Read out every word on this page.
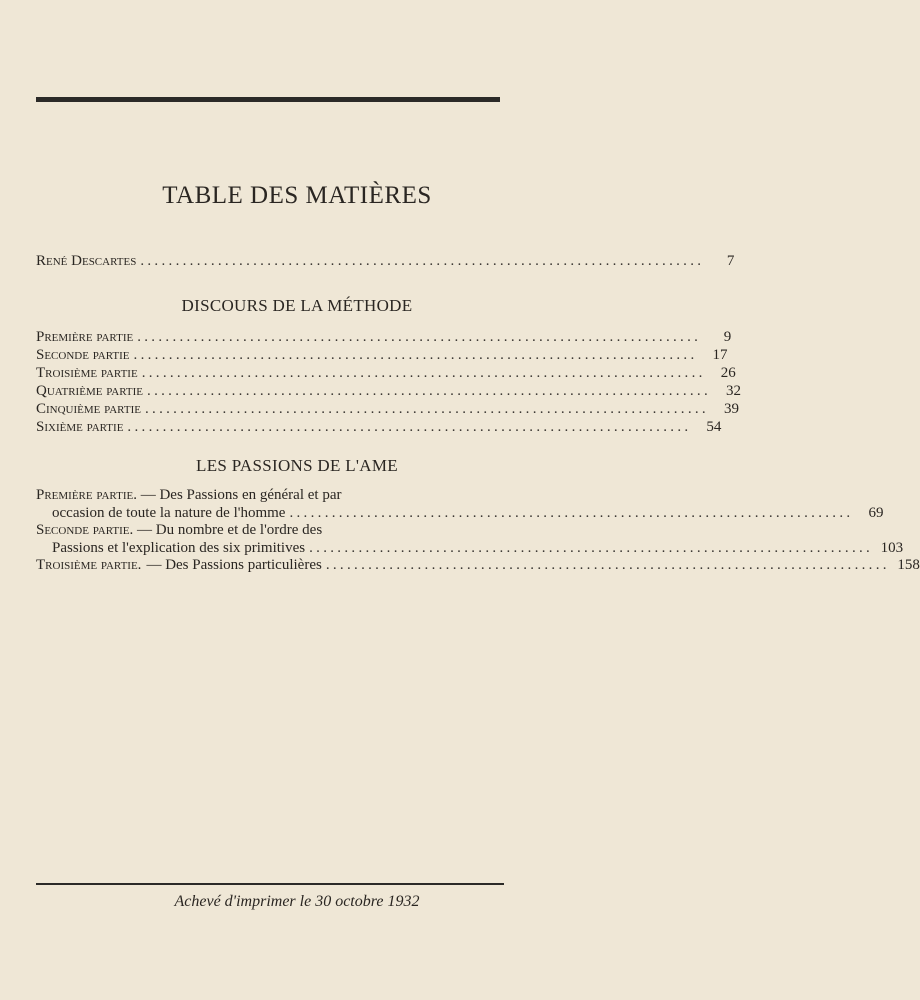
TABLE DES MATIÈRES
René Descartes ................................................................................	7
DISCOURS DE LA MÉTHODE
Première partie ................................................................................	9
Seconde partie ................................................................................	17
Troisième partie ................................................................................	26
Quatrième partie ................................................................................	32
Cinquième partie ................................................................................	39
Sixième partie ................................................................................	54
LES PASSIONS DE L'AME
Première partie. — Des Passions en général et par
occasion de toute la nature de l'homme ................................................................................	69
Seconde partie. — Du nombre et de l'ordre des
Passions et l'explication des six primitives ................................................................................ 103
Troisième partie. — Des Passions particulières ................................................................................ 158
Achevé d'imprimer le 30 octobre 1932
